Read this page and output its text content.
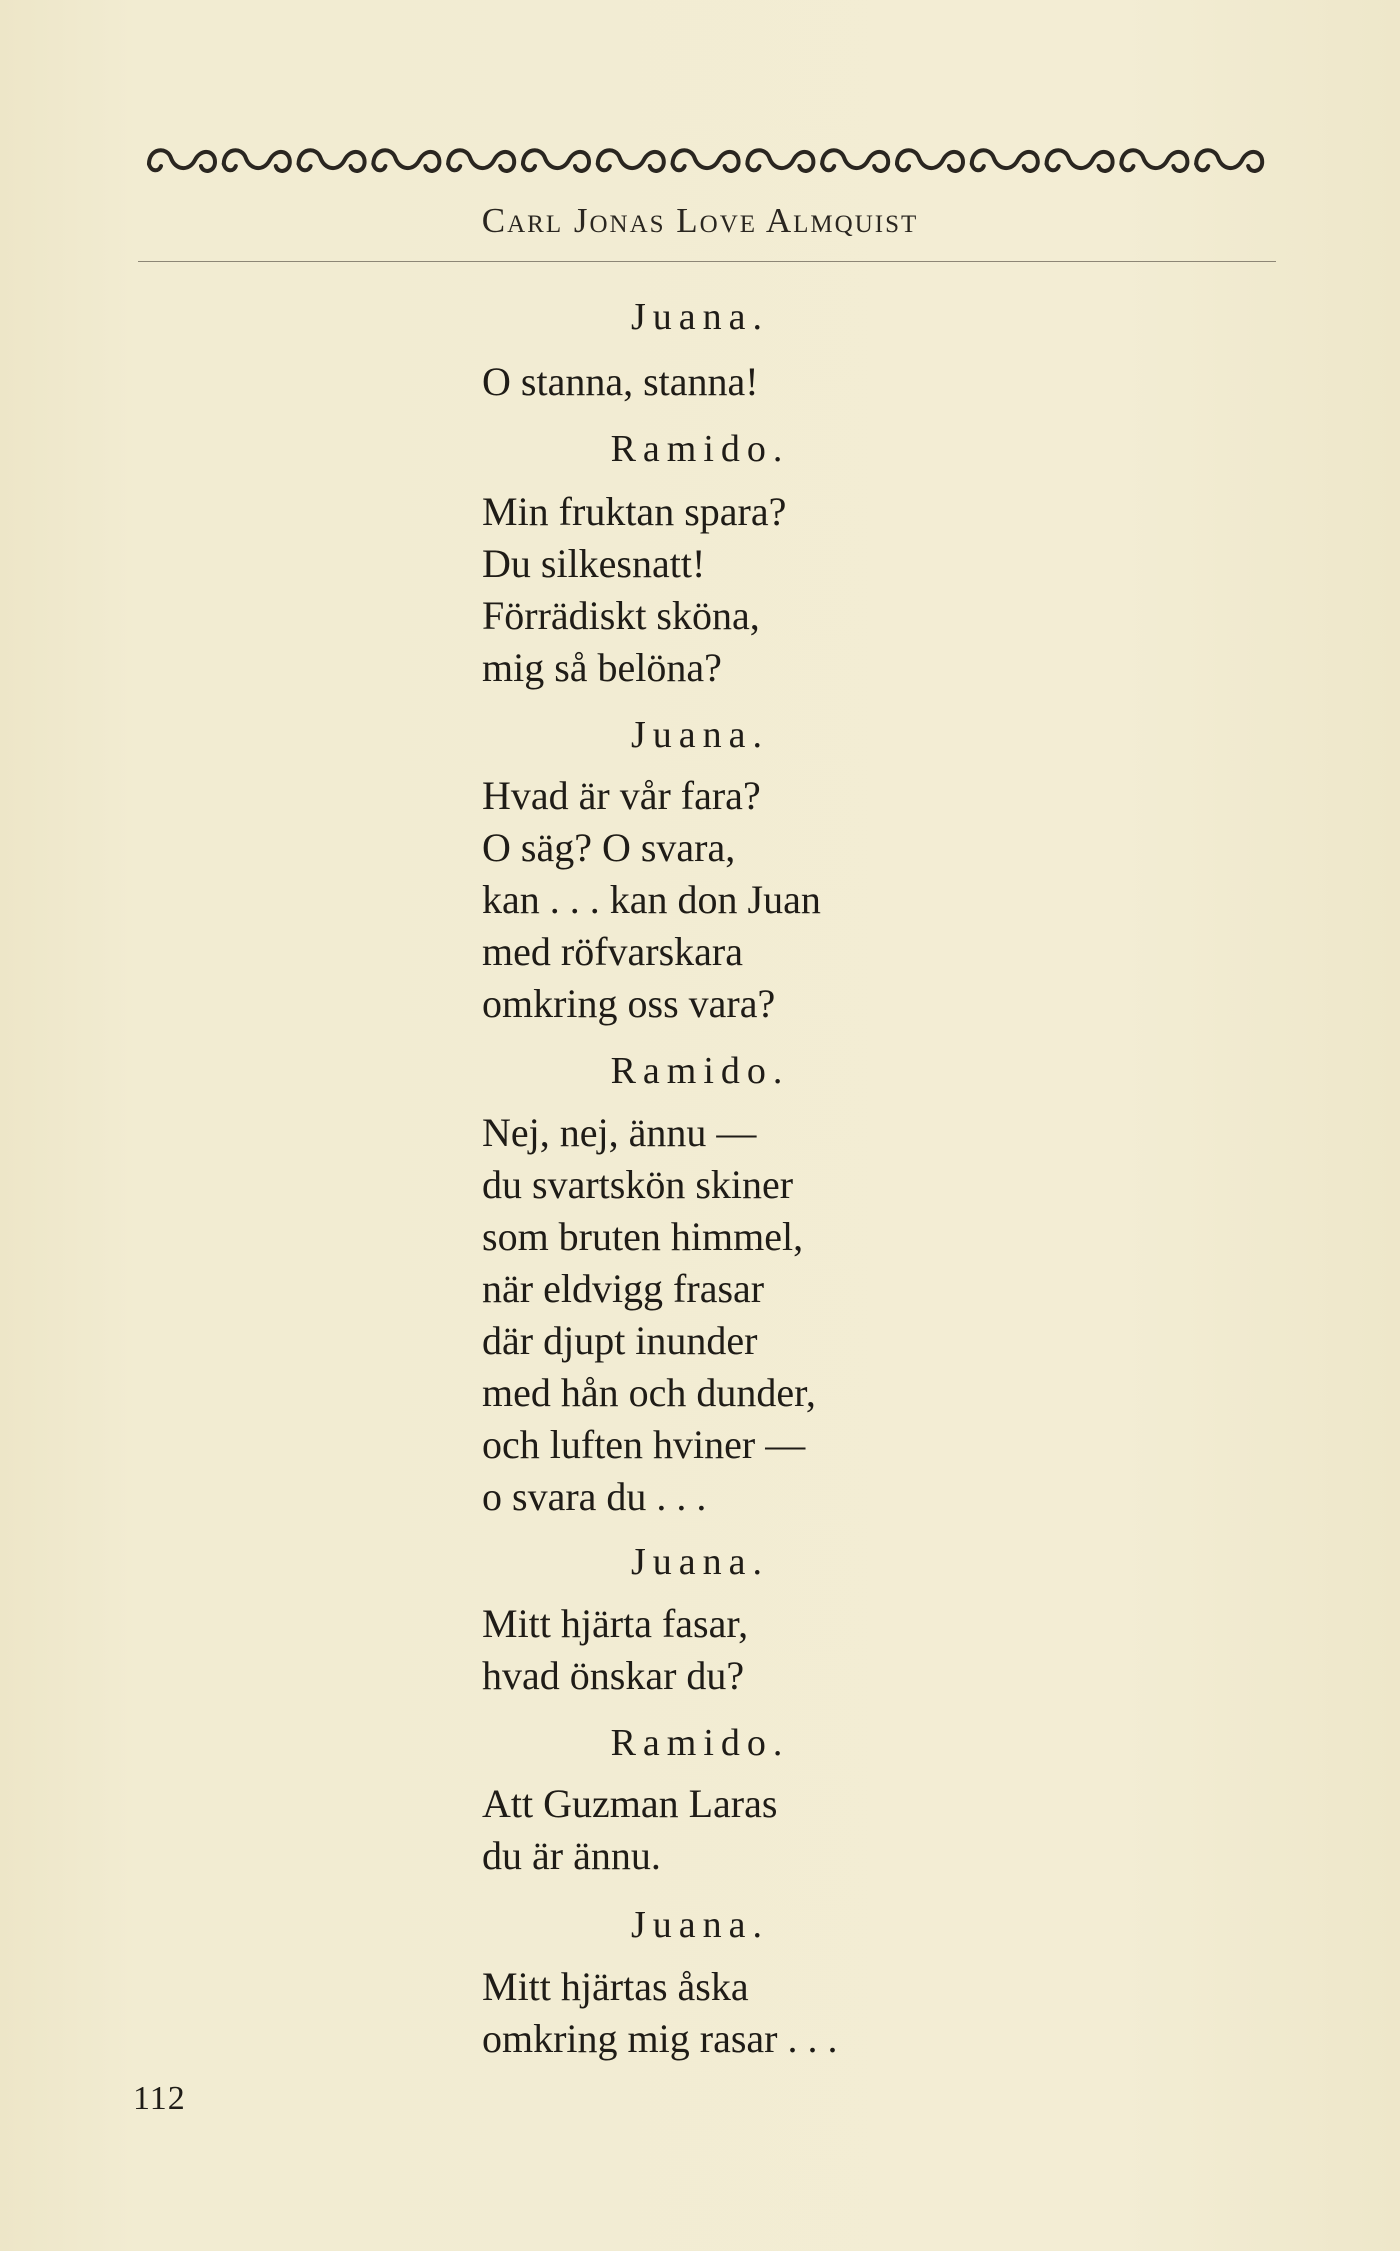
Carl Jonas Love Almquist
Juana.
O stanna, stanna!
Ramido.
Min fruktan spara?
Du silkesnatt!
Förrädiskt sköna,
mig så belöna?
Juana.
Hvad är vår fara?
O säg? O svara,
kan . . . kan don Juan
med röfvarskara
omkring oss vara?
Ramido.
Nej, nej, ännu —
du svartskön skiner
som bruten himmel,
när eldvigg frasar
där djupt inunder
med hån och dunder,
och luften hviner —
o svara du . . .
Juana.
Mitt hjärta fasar,
hvad önskar du?
Ramido.
Att Guzman Laras
du är ännu.
Juana.
Mitt hjärtas åska
omkring mig rasar . . .
112
